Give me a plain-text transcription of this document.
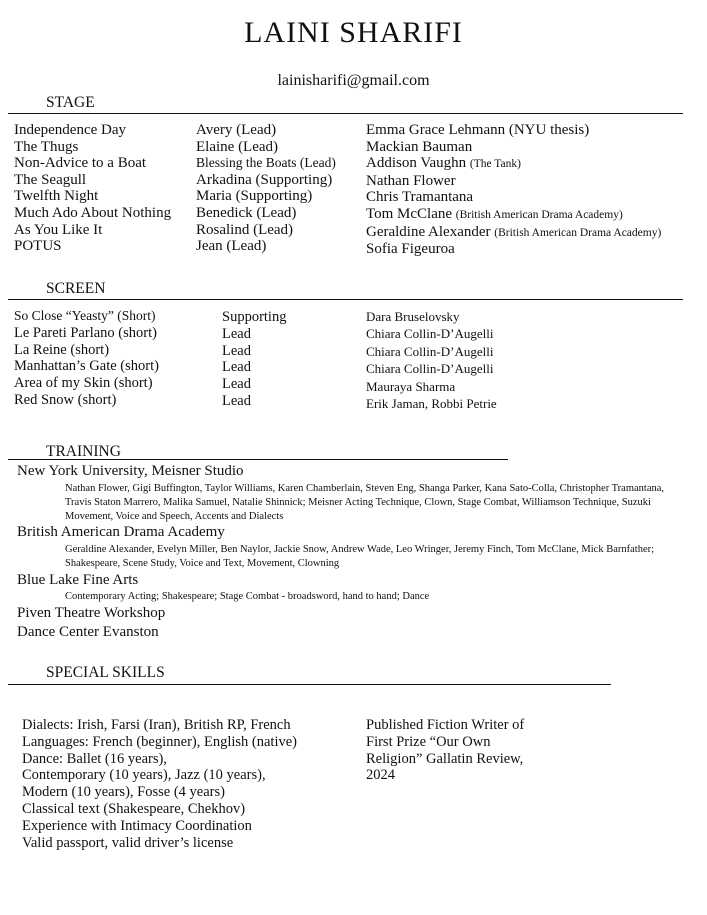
LAINI SHARIFI
lainisharifi@gmail.com
STAGE
Independence Day
The Thugs
Non-Advice to a Boat
The Seagull
Twelfth Night
Much Ado About Nothing
As You Like It
POTUS
Avery (Lead)
Elaine (Lead)
Blessing the Boats (Lead)
Arkadina (Supporting)
Maria (Supporting)
Benedick (Lead)
Rosalind (Lead)
Jean (Lead)
Emma Grace Lehmann (NYU thesis)
Mackian Bauman
Addison Vaughn (The Tank)
Nathan Flower
Chris Tramantana
Tom McClane (British American Drama Academy)
Geraldine Alexander (British American Drama Academy)
Sofia Figeuroa
SCREEN
So Close “Yeasty” (Short)
Le Pareti Parlano (short)
La Reine (short)
Manhattan’s Gate (short)
Area of my Skin (short)
Red Snow (short)
Supporting
Lead
Lead
Lead
Lead
Lead
Dara Bruselovsky
Chiara Collin-D’Augelli
Chiara Collin-D’Augelli
Chiara Collin-D’Augelli
Mauraya Sharma
Erik Jaman, Robbi Petrie
TRAINING
New York University, Meisner Studio
Nathan Flower, Gigi Buffington, Taylor Williams, Karen Chamberlain, Steven Eng, Shanga Parker, Kana Sato-Colla, Christopher Tramantana, Travis Staton Marrero, Malika Samuel, Natalie Shinnick; Meisner Acting Technique, Clown, Stage Combat, Williamson Technique, Suzuki Movement, Voice and Speech, Accents and Dialects
British American Drama Academy
Geraldine Alexander, Evelyn Miller, Ben Naylor, Jackie Snow, Andrew Wade, Leo Wringer, Jeremy Finch, Tom McClane, Mick Barnfather; Shakespeare, Scene Study, Voice and Text, Movement, Clowning
Blue Lake Fine Arts
Contemporary Acting; Shakespeare; Stage Combat - broadsword, hand to hand; Dance
Piven Theatre Workshop
Dance Center Evanston
SPECIAL SKILLS
Dialects: Irish, Farsi (Iran), British RP, French
Languages: French (beginner), English (native)
Dance: Ballet (16 years),
Contemporary (10 years), Jazz (10 years),
Modern (10 years), Fosse (4 years)
Classical text (Shakespeare, Chekhov)
Experience with Intimacy Coordination
Valid passport, valid driver’s license
Published Fiction Writer of
First Prize “Our Own
Religion” Gallatin Review,
2024
